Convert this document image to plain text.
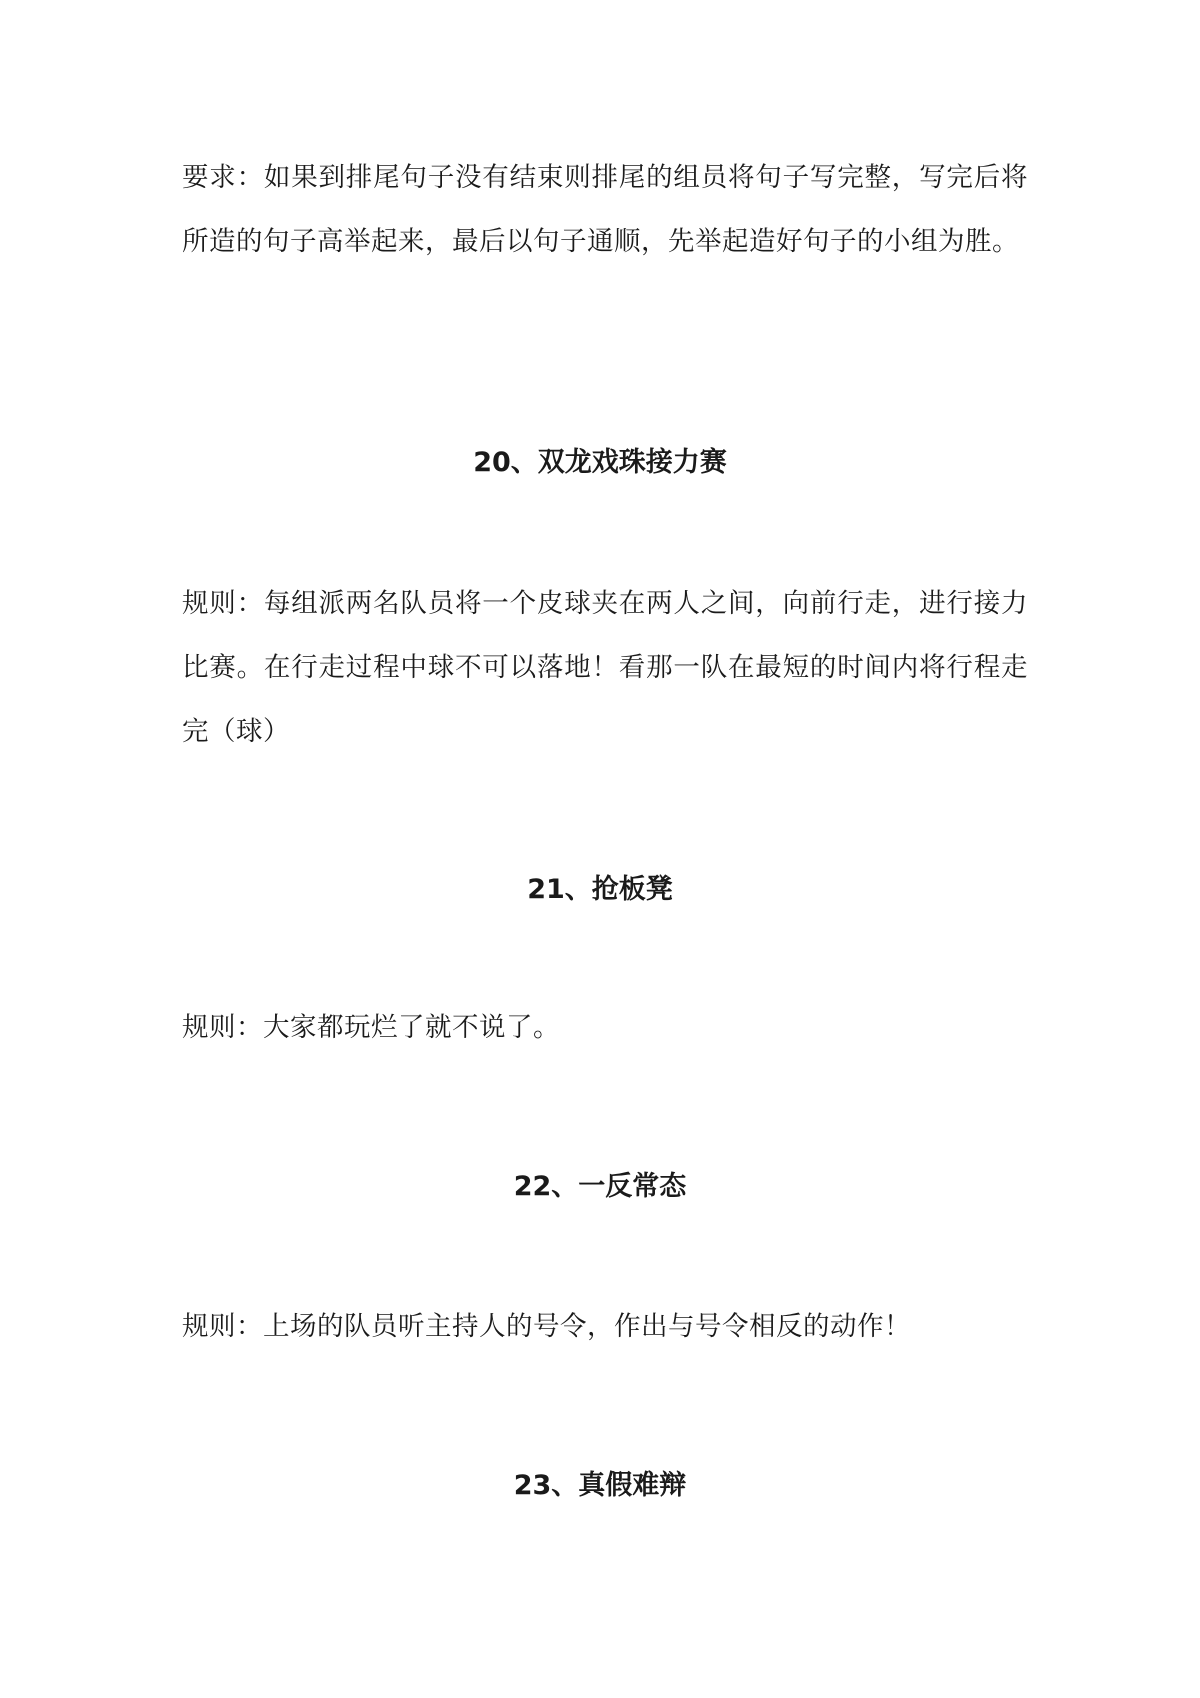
要求：如果到排尾句子没有结束则排尾的组员将句子写完整，写完后将所造的句子高举起来，最后以句子通顺，先举起造好句子的小组为胜。

20、双龙戏珠接力赛

规则：每组派两名队员将一个皮球夹在两人之间，向前行走，进行接力比赛。在行走过程中球不可以落地！看那一队在最短的时间内将行程走完（球）

21、抢板凳

规则：大家都玩烂了就不说了。

22、一反常态

规则：上场的队员听主持人的号令，作出与号令相反的动作！

23、真假难辩
